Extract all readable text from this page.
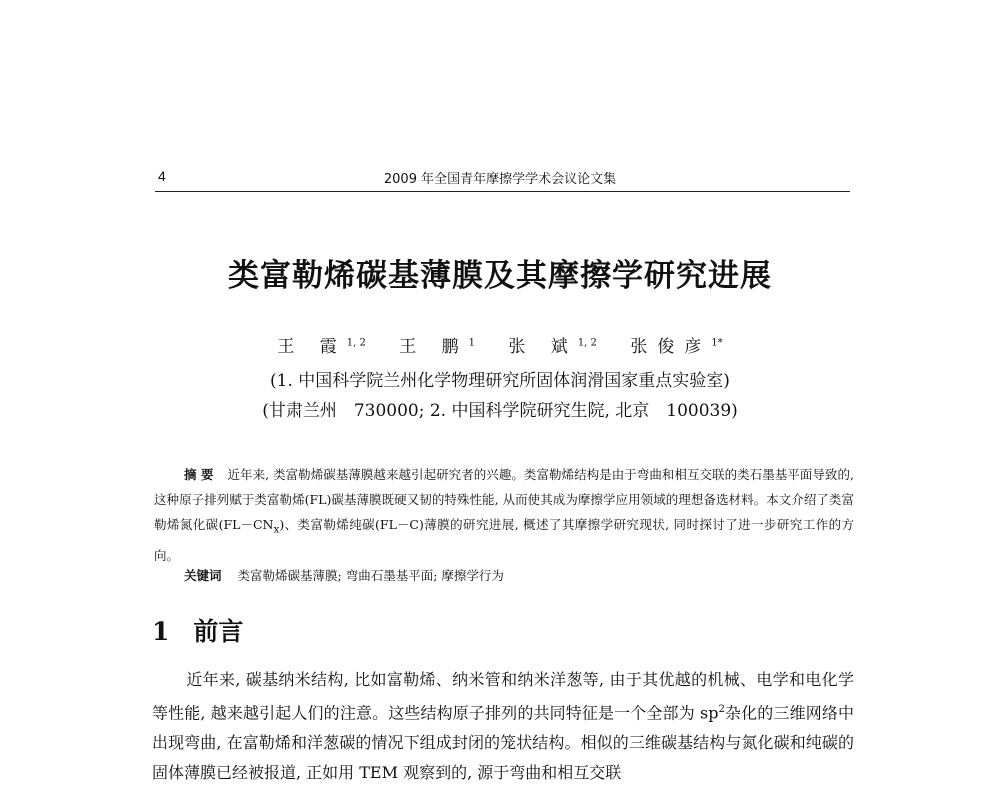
4	2009 年全国青年摩擦学学术会议论文集
类富勒烯碳基薄膜及其摩擦学研究进展
王 霞$^{1, 2}$ 王 鹏$^1$ 张 斌$^{1, 2}$ 张俊彦$^{1*}$
(1. 中国科学院兰州化学物理研究所固体润滑国家重点实验室)
(甘肃兰州　730000; 2. 中国科学院研究生院, 北京　100039)
摘 要 近年来, 类富勒烯碳基薄膜越来越引起研究者的兴趣。类富勒烯结构是由于弯曲和相互交联的类石墨基平面导致的, 这种原子排列赋于类富勒烯(FL)碳基薄膜既硬又韧的特殊性能, 从而使其成为摩擦学应用领域的理想备选材料。本文介绍了类富勒烯氮化碳$(FL-CN_x)$、类富勒烯纯碳(FL－C)薄膜的研究进展, 概述了其摩擦学研究现状, 同时探讨了进一步研究工作的方向。
关键词 类富勒烯碳基薄膜; 弯曲石墨基平面; 摩擦学行为
1 前言
近年来, 碳基纳米结构, 比如富勒烯、纳米管和纳米洋葱等, 由于其优越的机械、电学和电化学等性能, 越来越引起人们的注意。这些结构原子排列的共同特征是一个全部为 $sp^2$杂化的三维网络中出现弯曲, 在富勒烯和洋葱碳的情况下组成封闭的笼状结构。相似的三维碳基结构与氮化碳和纯碳的固体薄膜已经被报道, 正如用 TEM 观察到的, 源于弯曲和相互交联
